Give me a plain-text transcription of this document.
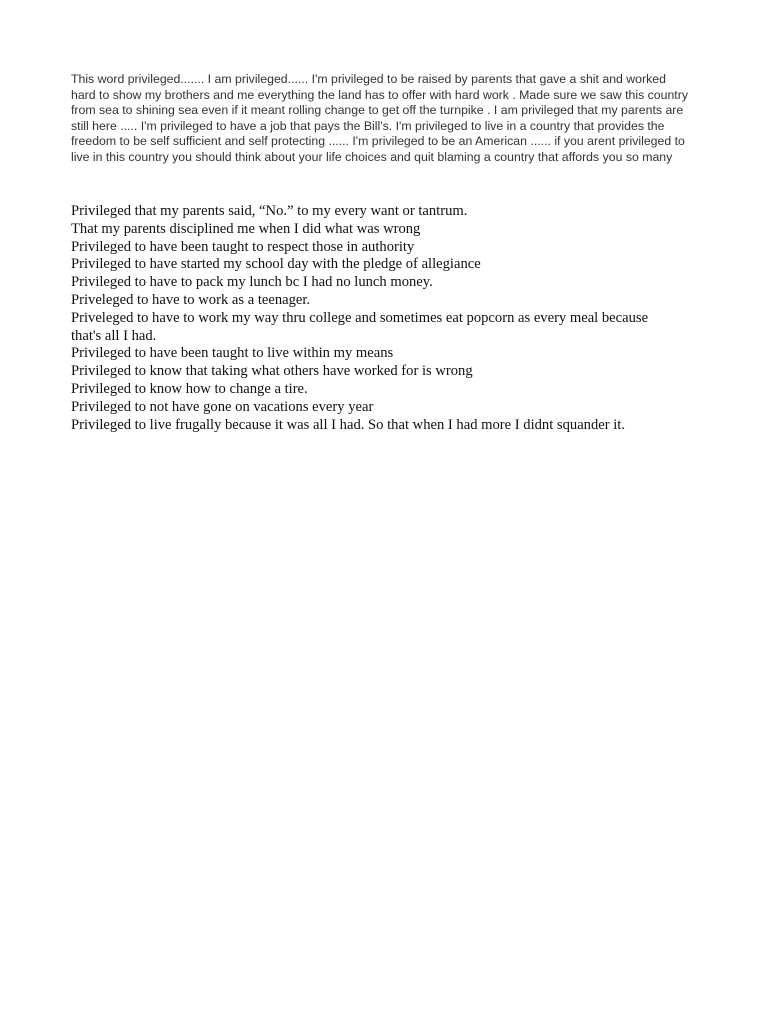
This word privileged....... I am privileged...... I'm privileged to be raised by parents that gave a shit and worked hard to show my brothers and me everything the land has to offer with hard work . Made sure we saw this country from sea to shining sea even if it meant rolling change to get off the turnpike . I am privileged that my parents are still here ..... I'm privileged to have a job that pays the Bill's. I'm privileged to live in a country that provides the freedom to be self sufficient and self protecting ...... I'm privileged to be an American ...... if you arent privileged to live in this country you should think about your life choices and quit blaming a country that affords you so many

Privileged that my parents said, “No.” to my every want or tantrum.
That my parents disciplined me when I did what was wrong
Privileged to have been taught to respect those in authority
Privileged to have started my school day with the pledge of allegiance
Privileged to have to pack my lunch bc I had no lunch money.
Priveleged to have to work as a teenager.
Priveleged to have to work my way thru college and sometimes eat popcorn as every meal because that's all I had.
Privileged to have been taught to live within my means
Privileged to know that taking what others have worked for is wrong
Privileged to know how to change a tire.
Privileged to not have gone on vacations every year
Privileged to live frugally because it was all I had. So that when I had more I didnt squander it.
